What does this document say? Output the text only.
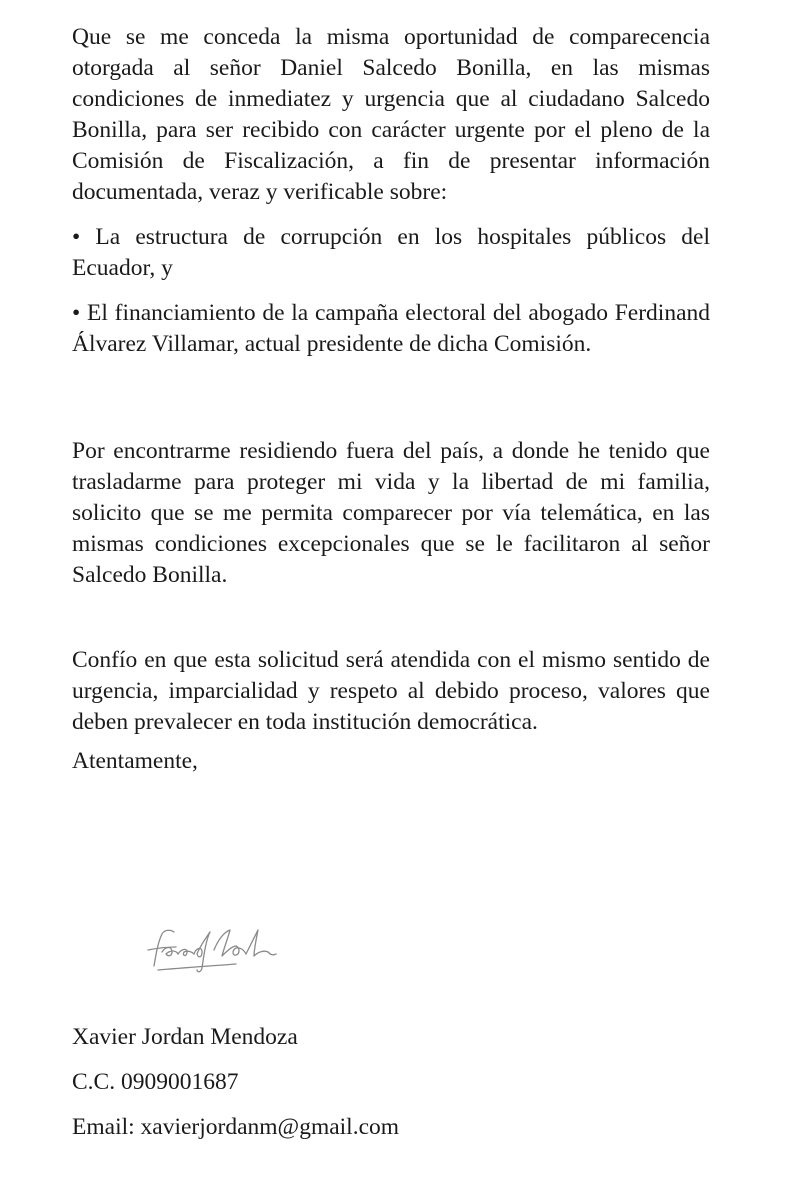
Que se me conceda la misma oportunidad de comparecencia otorgada al señor Daniel Salcedo Bonilla, en las mismas condiciones de inmediatez y urgencia que al ciudadano Salcedo Bonilla, para ser recibido con carácter urgente por el pleno de la Comisión de Fiscalización, a fin de presentar información documentada, veraz y verificable sobre:

• La estructura de corrupción en los hospitales públicos del Ecuador, y

• El financiamiento de la campaña electoral del abogado Ferdinand Álvarez Villamar, actual presidente de dicha Comisión.

Por encontrarme residiendo fuera del país, a donde he tenido que trasladarme para proteger mi vida y la libertad de mi familia, solicito que se me permita comparecer por vía telemática, en las mismas condiciones excepcionales que se le facilitaron al señor Salcedo Bonilla.

Confío en que esta solicitud será atendida con el mismo sentido de urgencia, imparcialidad y respeto al debido proceso, valores que deben prevalecer en toda institución democrática.

Atentamente,

Xavier Jordan Mendoza

C.C. 0909001687

Email: xavierjordanm@gmail.com
